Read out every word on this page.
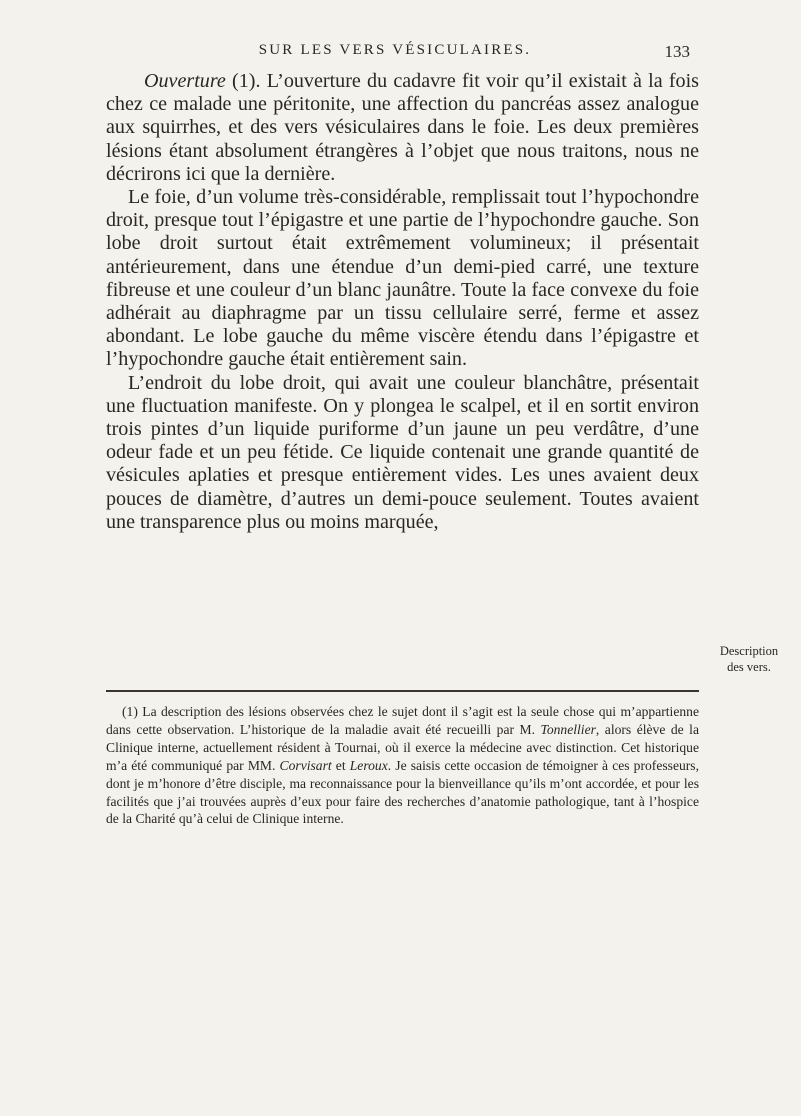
SUR LES VERS VÉSICULAIRES.	133

Ouverture (1). L’ouverture du cadavre fit voir qu’il existait à la fois chez ce malade une péritonite, une affection du pancréas assez analogue aux squirrhes, et des vers vésiculaires dans le foie. Les deux premières lésions étant absolument étrangères à l’objet que nous traitons, nous ne décrirons ici que la dernière.

Le foie, d’un volume très-considérable, remplissait tout l’hypochondre droit, presque tout l’épigastre et une partie de l’hypochondre gauche. Son lobe droit surtout était extrêmement volumineux; il présentait antérieurement, dans une étendue d’un demi-pied carré, une texture fibreuse et une couleur d’un blanc jaunâtre. Toute la face convexe du foie adhérait au diaphragme par un tissu cellulaire serré, ferme et assez abondant. Le lobe gauche du même viscère étendu dans l’épigastre et l’hypochondre gauche était entièrement sain.

L’endroit du lobe droit, qui avait une couleur blanchâtre, présentait une fluctuation manifeste. On y plongea le scalpel, et il en sortit environ trois pintes d’un liquide puriforme d’un jaune un peu verdâtre, d’une odeur fade et un peu fétide. Ce liquide contenait une grande quantité de vésicules aplaties et presque entièrement vides. Les unes avaient deux pouces de diamètre, d’autres un demi-pouce seulement. Toutes avaient une transparence plus ou moins marquée,

Description
des vers.

(1) La description des lésions observées chez le sujet dont il s’agit est la seule chose qui m’appartienne dans cette observation. L’historique de la maladie avait été recueilli par M. Tonnellier, alors élève de la Clinique interne, actuellement résident à Tournai, où il exerce la médecine avec distinction. Cet historique m’a été communiqué par MM. Corvisart et Leroux. Je saisis cette occasion de témoigner à ces professeurs, dont je m’honore d’être disciple, ma reconnaissance pour la bienveillance qu’ils m’ont accordée, et pour les facilités que j’ai trouvées auprès d’eux pour faire des recherches d’anatomie pathologique, tant à l’hospice de la Charité qu’à celui de Clinique interne.
